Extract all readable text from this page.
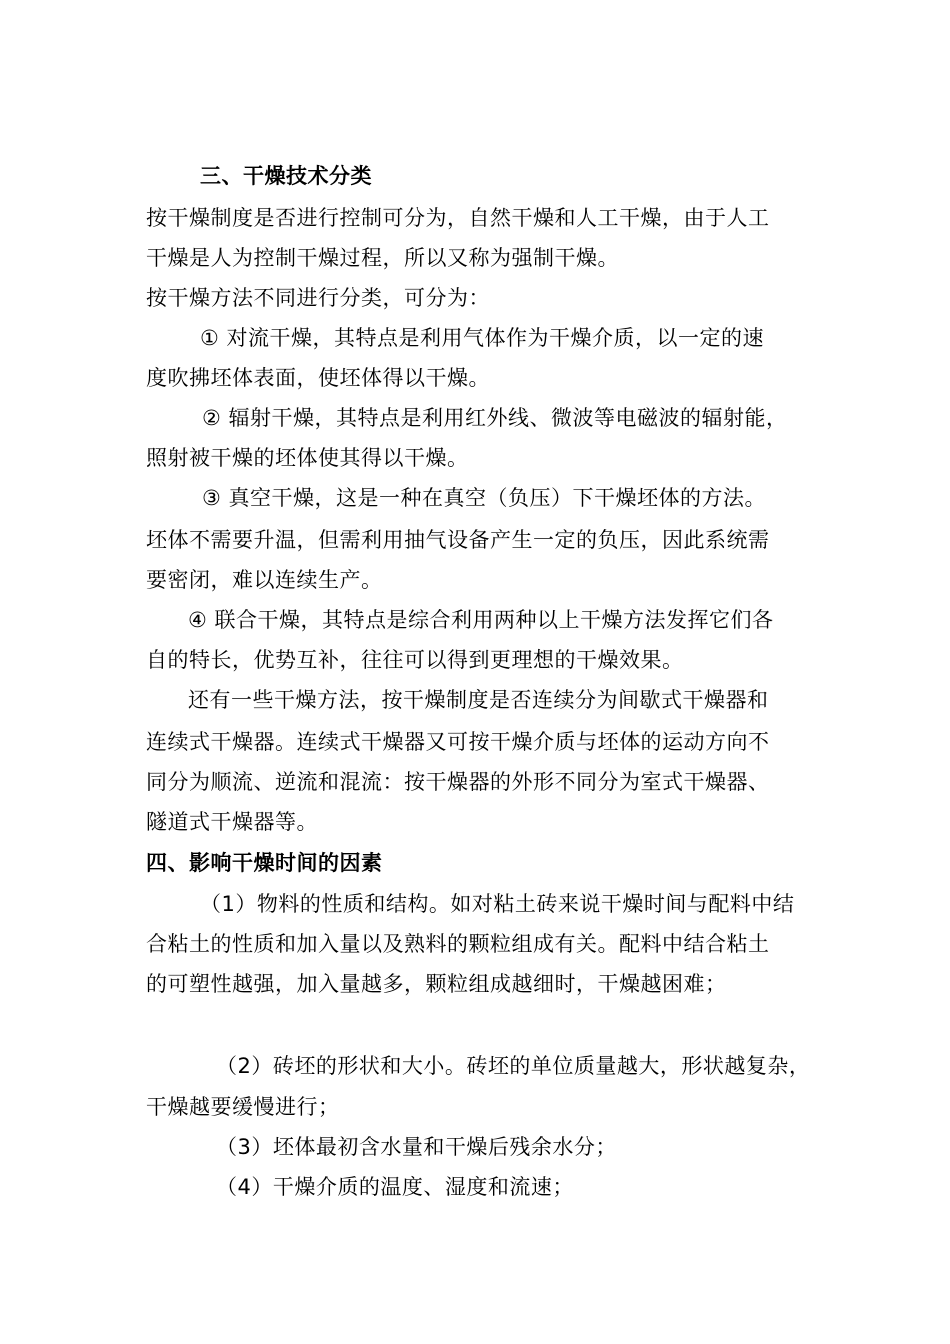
三、干燥技术分类
按干燥制度是否进行控制可分为，自然干燥和人工干燥，由于人工
干燥是人为控制干燥过程，所以又称为强制干燥。
按干燥方法不同进行分类，可分为：
① 对流干燥，其特点是利用气体作为干燥介质，以一定的速
度吹拂坯体表面，使坯体得以干燥。
② 辐射干燥，其特点是利用红外线、微波等电磁波的辐射能，
照射被干燥的坯体使其得以干燥。
③ 真空干燥，这是一种在真空（负压）下干燥坯体的方法。
坯体不需要升温，但需利用抽气设备产生一定的负压，因此系统需
要密闭，难以连续生产。
④ 联合干燥，其特点是综合利用两种以上干燥方法发挥它们各
自的特长，优势互补，往往可以得到更理想的干燥效果。
还有一些干燥方法，按干燥制度是否连续分为间歇式干燥器和
连续式干燥器。连续式干燥器又可按干燥介质与坯体的运动方向不
同分为顺流、逆流和混流：按干燥器的外形不同分为室式干燥器、
隧道式干燥器等。
四、影响干燥时间的因素
（1）物料的性质和结构。如对粘土砖来说干燥时间与配料中结
合粘土的性质和加入量以及熟料的颗粒组成有关。配料中结合粘土
的可塑性越强，加入量越多，颗粒组成越细时，干燥越困难；
（2）砖坯的形状和大小。砖坯的单位质量越大，形状越复杂，
干燥越要缓慢进行；
（3）坯体最初含水量和干燥后残余水分；
（4）干燥介质的温度、湿度和流速；
